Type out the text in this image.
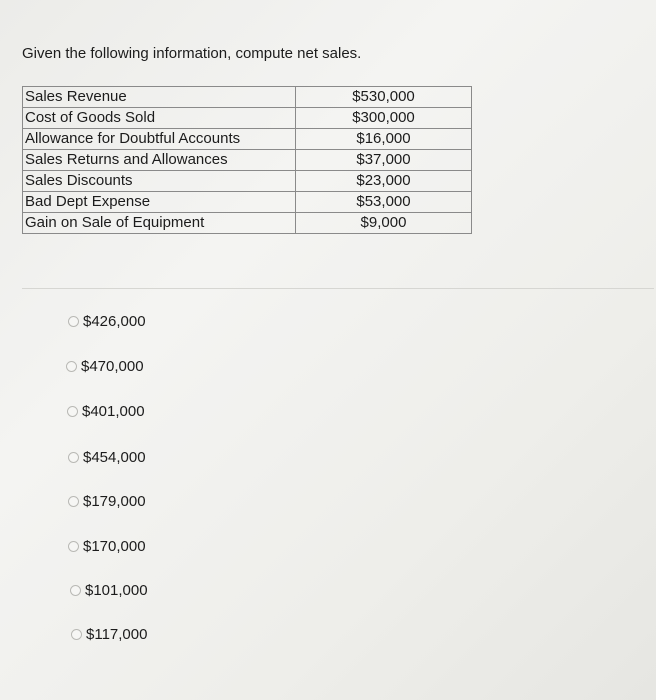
Given the following information, compute net sales.

Sales Revenue	$530,000
Cost of Goods Sold	$300,000
Allowance for Doubtful Accounts	$16,000
Sales Returns and Allowances	$37,000
Sales Discounts	$23,000
Bad Dept Expense	$53,000
Gain on Sale of Equipment	$9,000
$426,000
$470,000
$401,000
$454,000
$179,000
$170,000
$101,000
$117,000
